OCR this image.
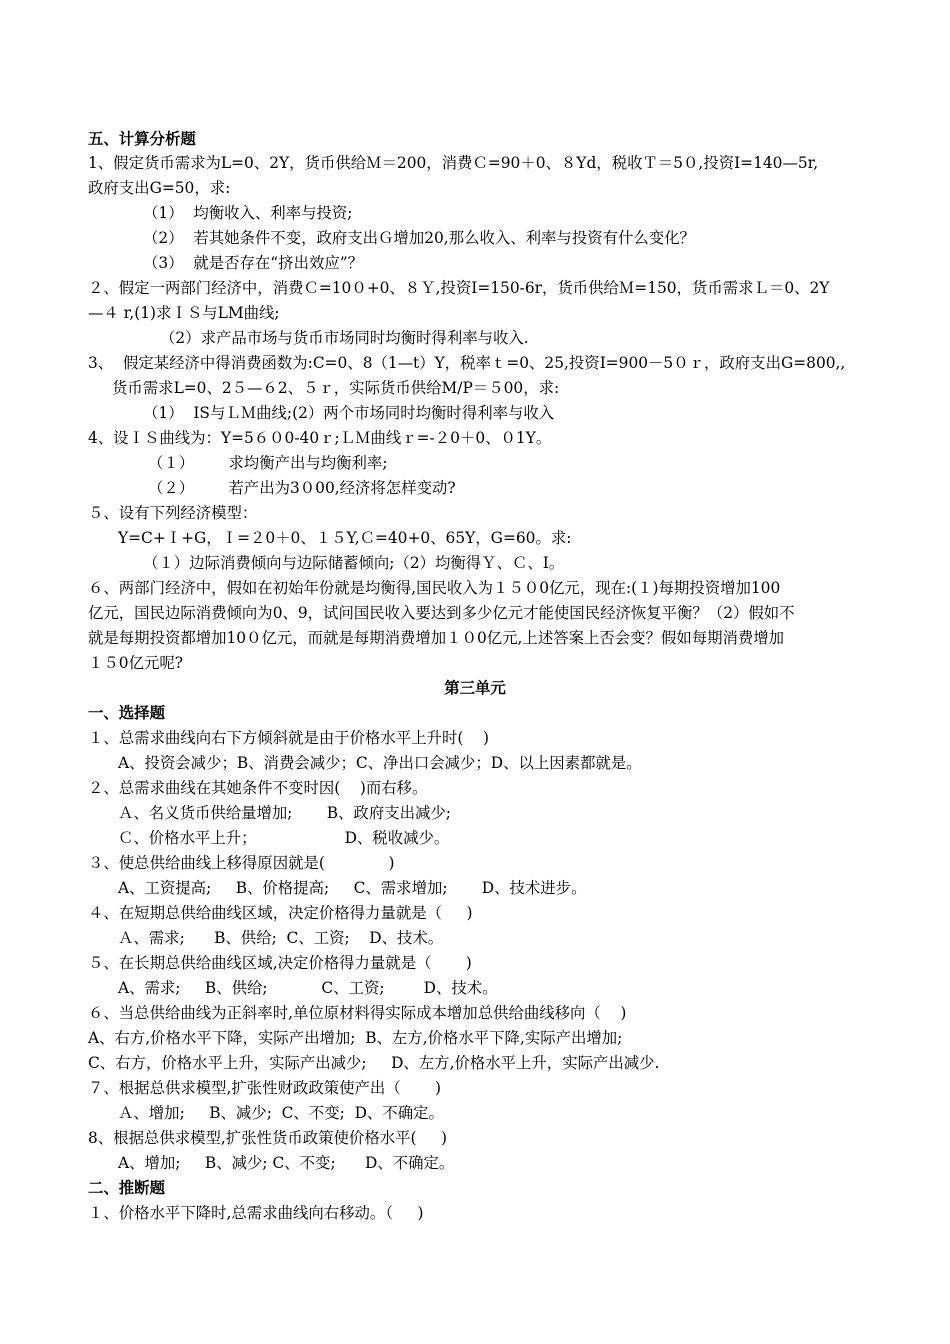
五、计算分析题
1、假定货币需求为L=0、2Y，货币供给Ｍ＝200，消费Ｃ=90＋0、８Yd，税收Ｔ＝5０,投资I=140—5r,
政府支出G=50，求:
（1）  均衡收入、利率与投资;
（2）  若其她条件不变，政府支出Ｇ增加20,那么收入、利率与投资有什么变化？
（3）  就是否存在“挤出效应”？
２、假定一两部门经济中，消费Ｃ=10０+0、８Ｙ,投资I=150-6r，货币供给Ｍ=150，货币需求Ｌ＝0、2Y
—４ r,(1)求ＩＳ与LM曲线;
（2）求产品市场与货币市场同时均衡时得利率与收入.
3、  假定某经济中得消费函数为:C=0、8（1—t）Y，税率ｔ=0、25,投资I=900－5０ｒ，政府支出G=800,,
货币需求L=0、2５—６2、５ｒ，实际货币供给M/P＝５00，求:
（1）  IS与ＬＭ曲线;(2）两个市场同时均衡时得利率与收入
4、设ＩＳ曲线为：Y=5６０0-40ｒ;ＬＭ曲线ｒ=-２0＋0、０1Y。
（１）       求均衡产出与均衡利率;
（２）       若产出为3０00,经济将怎样变动?
５、设有下列经济模型：
Y=C+Ｉ+G，Ｉ=２0＋0、１５Y,Ｃ=40+0、65Y，G=60。求:
（１）边际消费倾向与边际储蓄倾向;（2）均衡得Ｙ、Ｃ、I。
６、两部门经济中，假如在初始年份就是均衡得,国民收入为１５０0亿元，现在:(１)每期投资增加100
亿元，国民边际消费倾向为0、9，试问国民收入要达到多少亿元才能使国民经济恢复平衡？（2）假如不
就是每期投资都增加10０亿元，而就是每期消费增加１０0亿元,上述答案上否会变？假如每期消费增加
１５0亿元呢?
第三单元
一、选择题
１、总需求曲线向右下方倾斜就是由于价格水平上升时(    )
A、投资会减少；B、消费会减少；C、净出口会减少；D、以上因素都就是。
２、总需求曲线在其她条件不变时因(    )而右移。
Ａ、名义货币供给量增加;       B、政府支出减少;
Ｃ、价格水平上升；                  D、税收减少。
３、使总供给曲线上移得原因就是(             )
A、工资提高;     B、价格提高;     C、需求增加;       D、技术进步。
４、在短期总供给曲线区域，决定价格得力量就是（     )
Ａ、需求;      B、供给;  C、工资;    D、技术。
５、在长期总供给曲线区域,决定价格得力量就是（       )
A、需求;     B、供给;           C、工资;        D、技术。
６、当总供给曲线为正斜率时,单位原材料得实际成本增加总供给曲线移向（    )
A、右方,价格水平下降，实际产出增加;  B、左方,价格水平下降,实际产出增加;
C、右方，价格水平上升，实际产出减少;     D、左方,价格水平上升，实际产出减少.
７、根据总供求模型,扩张性财政政策使产出（       )
Ａ、增加;     B、减少;  C、不变;  D、不确定。
8、根据总供求模型,扩张性货币政策使价格水平(     )
A、增加;     B、减少; C、不变;      D、不确定。
二、推断题
１、价格水平下降时,总需求曲线向右移动。（     )
